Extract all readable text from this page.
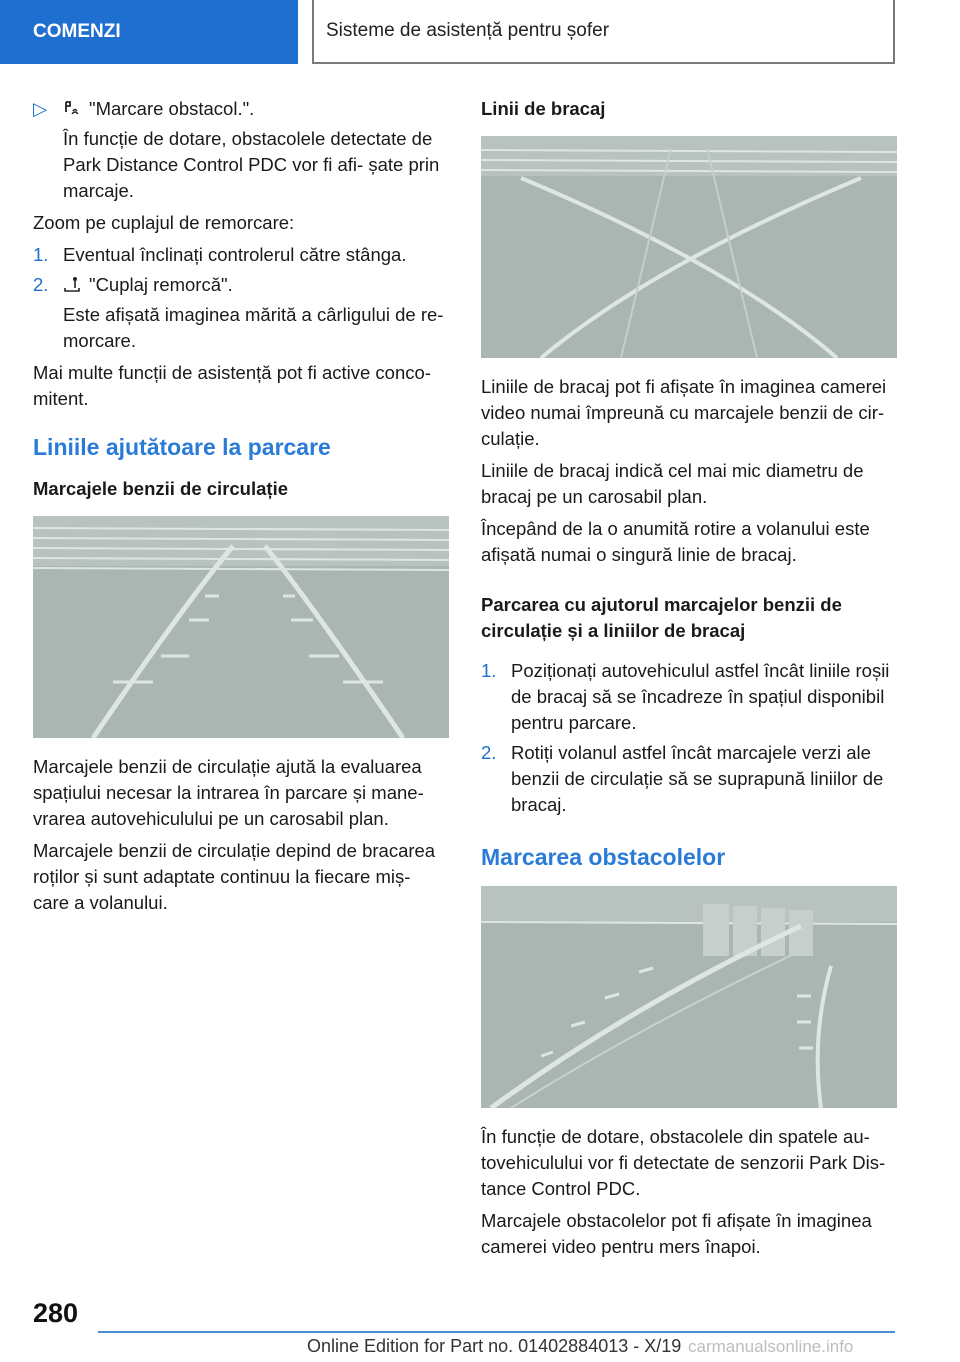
COMENZI	Sisteme de asistență pentru șofer
▷	"Marcare obstacol.".

În funcție de dotare, obstacolele detectate de Park Distance Control PDC vor fi afi‐ șate prin marcaje.

Zoom pe cuplajul de remorcare:

1. Eventual înclinați controlerul către stânga.
2.	"Cuplaj remorcă".

Este afișată imaginea mărită a cârligului de re‐ morcare.

Mai multe funcții de asistență pot fi active conco‐ mitent.

Liniile ajutătoare la parcare
Marcajele benzii de circulație

Marcajele benzii de circulație ajută la evaluarea spațiului necesar la intrarea în parcare și mane‐ vrarea autovehiculului pe un carosabil plan.

Marcajele benzii de circulație depind de bracarea roților și sunt adaptate continuu la fiecare miș‐ care a volanului.

Linii de bracaj

Liniile de bracaj pot fi afișate în imaginea camerei video numai împreună cu marcajele benzii de cir‐ culație.

Liniile de bracaj indică cel mai mic diametru de bracaj pe un carosabil plan.

Începând de la o anumită rotire a volanului este afișată numai o singură linie de bracaj.

Parcarea cu ajutorul marcajelor benzii de circulație și a liniilor de bracaj
1. Poziționați autovehiculul astfel încât liniile roșii de bracaj să se încadreze în spațiul disponibil pentru parcare.
2. Rotiți volanul astfel încât marcajele verzi ale benzii de circulație să se suprapună liniilor de bracaj.
Marcarea obstacolelor

În funcție de dotare, obstacolele din spatele au‐ tovehiculului vor fi detectate de senzorii Park Dis‐ tance Control PDC.

Marcajele obstacolelor pot fi afișate în imaginea camerei video pentru mers înapoi.

280
Online Edition for Part no. 01402884013 - X/19 carmanualsonline.info
